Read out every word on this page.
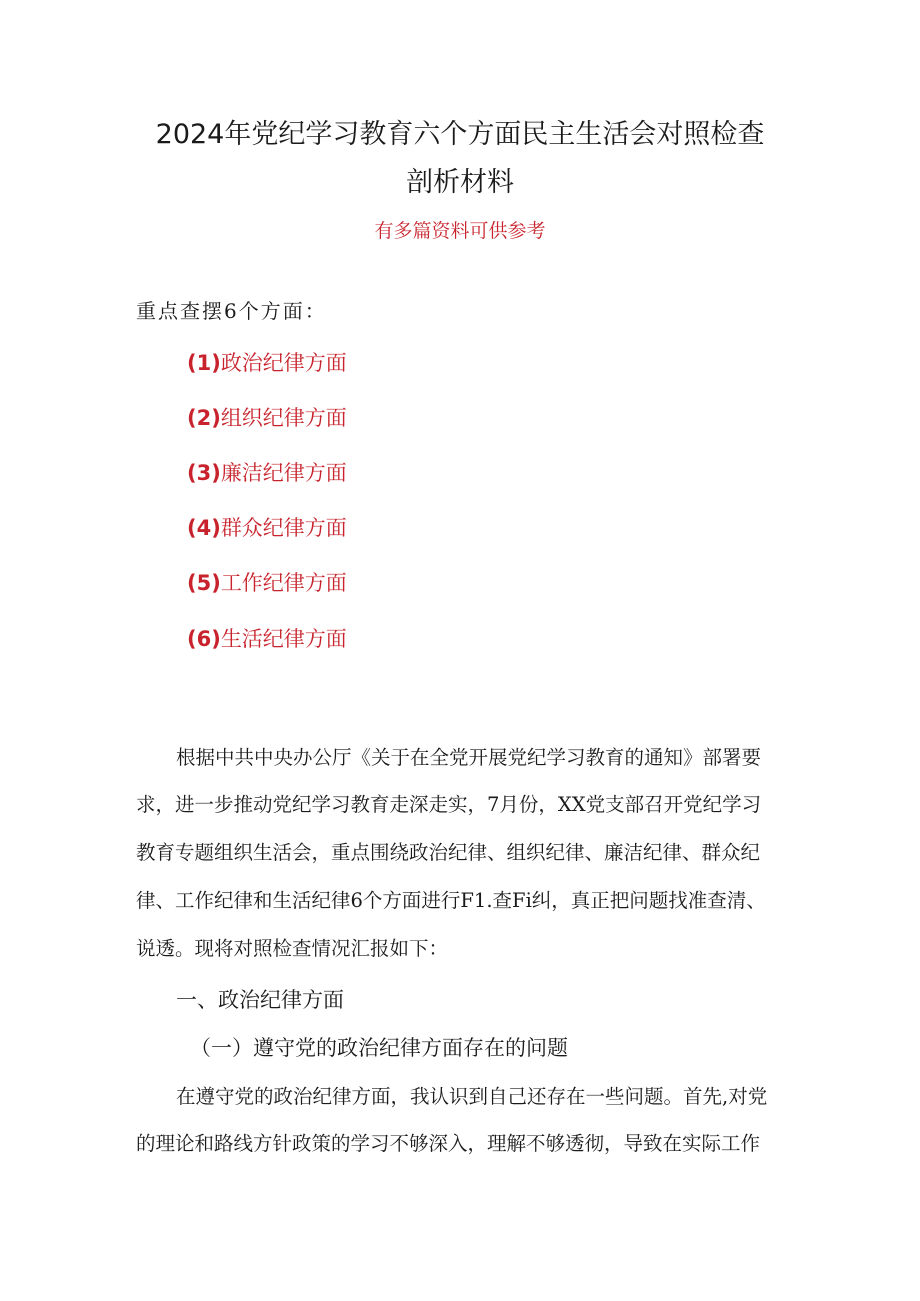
2024年党纪学习教育六个方面民主生活会对照检查
剖析材料
有多篇资料可供参考
重点查摆6个方面：
(1)政治纪律方面
(2)组织纪律方面
(3)廉洁纪律方面
(4)群众纪律方面
(5)工作纪律方面
(6)生活纪律方面
根据中共中央办公厅《关于在全党开展党纪学习教育的通知》部署要
求，进一步推动党纪学习教育走深走实，7月份，XX党支部召开党纪学习
教育专题组织生活会，重点围绕政治纪律、组织纪律、廉洁纪律、群众纪
律、工作纪律和生活纪律6个方面进行F1.查Fi纠，真正把问题找准查清、
说透。现将对照检查情况汇报如下：
一、政治纪律方面
（一）遵守党的政治纪律方面存在的问题
在遵守党的政治纪律方面，我认识到自己还存在一些问题。首先,对党
的理论和路线方针政策的学习不够深入，理解不够透彻，导致在实际工作
